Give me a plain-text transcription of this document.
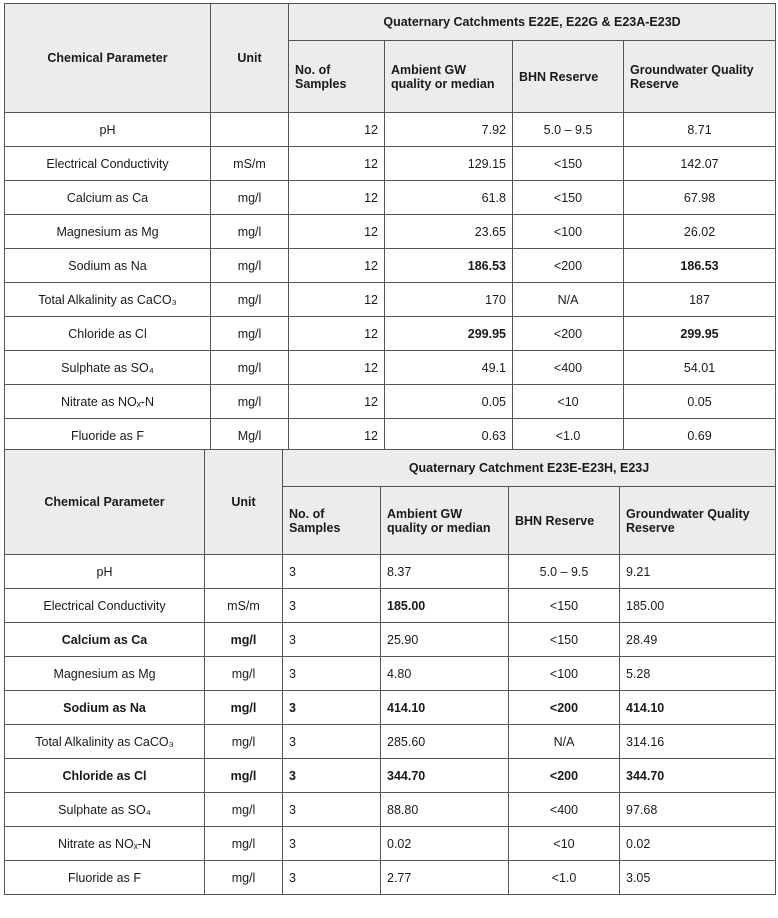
Chemical Parameter	Unit	Quaternary Catchments E22E, E22G & E23A-E23D			
		No. of Samples	Ambient GW quality or median	BHN Reserve	Groundwater Quality Reserve
pH		12	7.92	5.0 – 9.5	8.71
Electrical Conductivity	mS/m	12	129.15	<150	142.07
Calcium as Ca	mg/l	12	61.8	<150	67.98
Magnesium as Mg	mg/l	12	23.65	<100	26.02
Sodium as Na	mg/l	12	186.53	<200	186.53
Total Alkalinity as CaCO₃	mg/l	12	170	N/A	187
Chloride as Cl	mg/l	12	299.95	<200	299.95
Sulphate as SO₄	mg/l	12	49.1	<400	54.01
Nitrate as NOₓ-N	mg/l	12	0.05	<10	0.05
Fluoride as F	Mg/l	12	0.63	<1.0	0.69
Chemical Parameter	Unit	Quaternary Catchment E23E-E23H, E23J			
		No. of Samples	Ambient GW quality or median	BHN Reserve	Groundwater Quality Reserve
pH		3	8.37	5.0 – 9.5	9.21
Electrical Conductivity	mS/m	3	185.00	<150	185.00
Calcium as Ca	mg/l	3	25.90	<150	28.49
Magnesium as Mg	mg/l	3	4.80	<100	5.28
Sodium as Na	mg/l	3	414.10	<200	414.10
Total Alkalinity as CaCO₃	mg/l	3	285.60	N/A	314.16
Chloride as Cl	mg/l	3	344.70	<200	344.70
Sulphate as SO₄	mg/l	3	88.80	<400	97.68
Nitrate as NOₓ-N	mg/l	3	0.02	<10	0.02
Fluoride as F	mg/l	3	2.77	<1.0	3.05
